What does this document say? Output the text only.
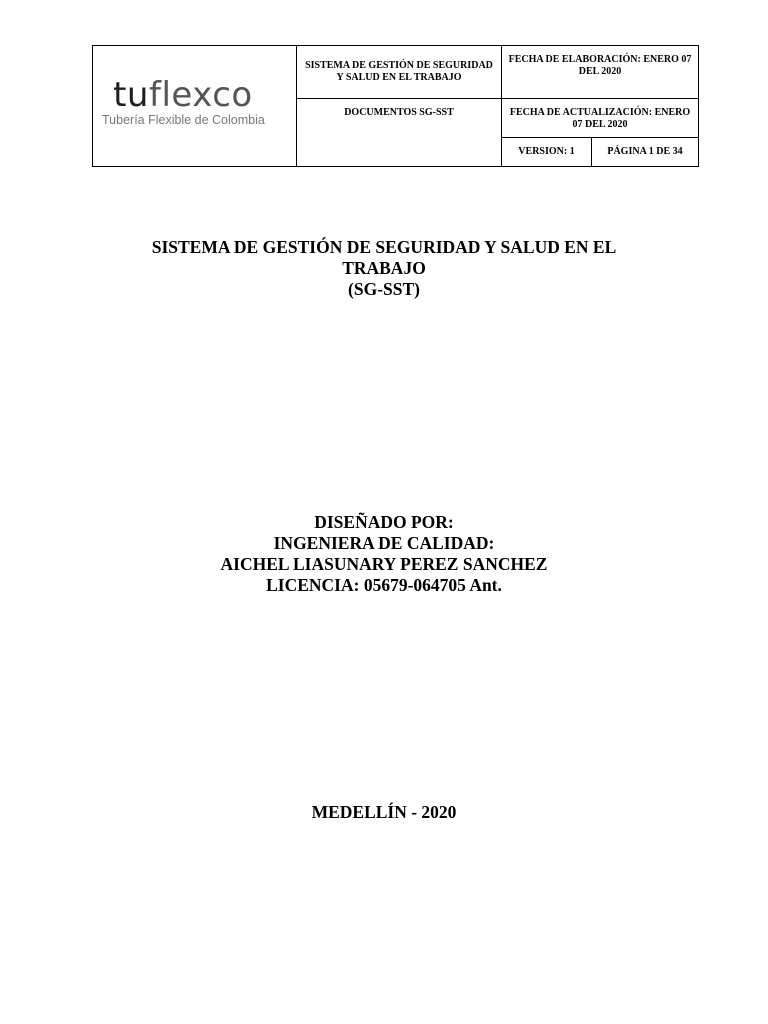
tuflexco
Tubería Flexible de Colombia	SISTEMA DE GESTIÓN DE SEGURIDAD Y SALUD EN EL TRABAJO	FECHA DE ELABORACIÓN: ENERO 07 DEL 2020	
	DOCUMENTOS SG-SST	FECHA DE ACTUALIZACIÓN: ENERO 07 DEL 2020	
		VERSION: 1	PÁGINA 1 DE 34
SISTEMA DE GESTIÓN DE SEGURIDAD Y SALUD EN EL TRABAJO
(SG-SST)
DISEÑADO POR:
INGENIERA DE CALIDAD:
AICHEL LIASUNARY PEREZ SANCHEZ
LICENCIA: 05679-064705 Ant.
MEDELLÍN - 2020
